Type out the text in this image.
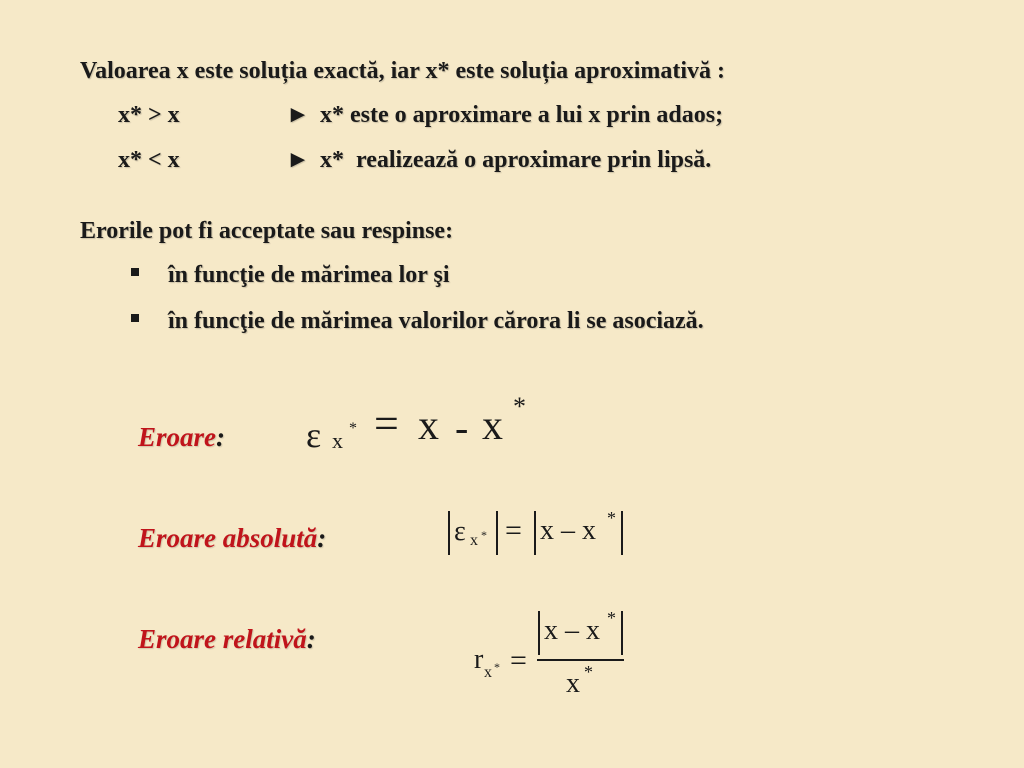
Valoarea x este soluția exactă, iar x* este soluția aproximativă :
x* > x	► x* este o aproximare a lui x prin adaos;
x* < x	► x*  realizează o aproximare prin lipsă.
Erorile pot fi acceptate sau respinse:
în funcţie de mărimea lor şi
în funcţie de mărimea valorilor cărora li se asociază.
Eroare: ε x * = x - x *
Eroare absolută:	ε x * = x – x *
Eroare relativă:
r x * =
x – x *
x *
